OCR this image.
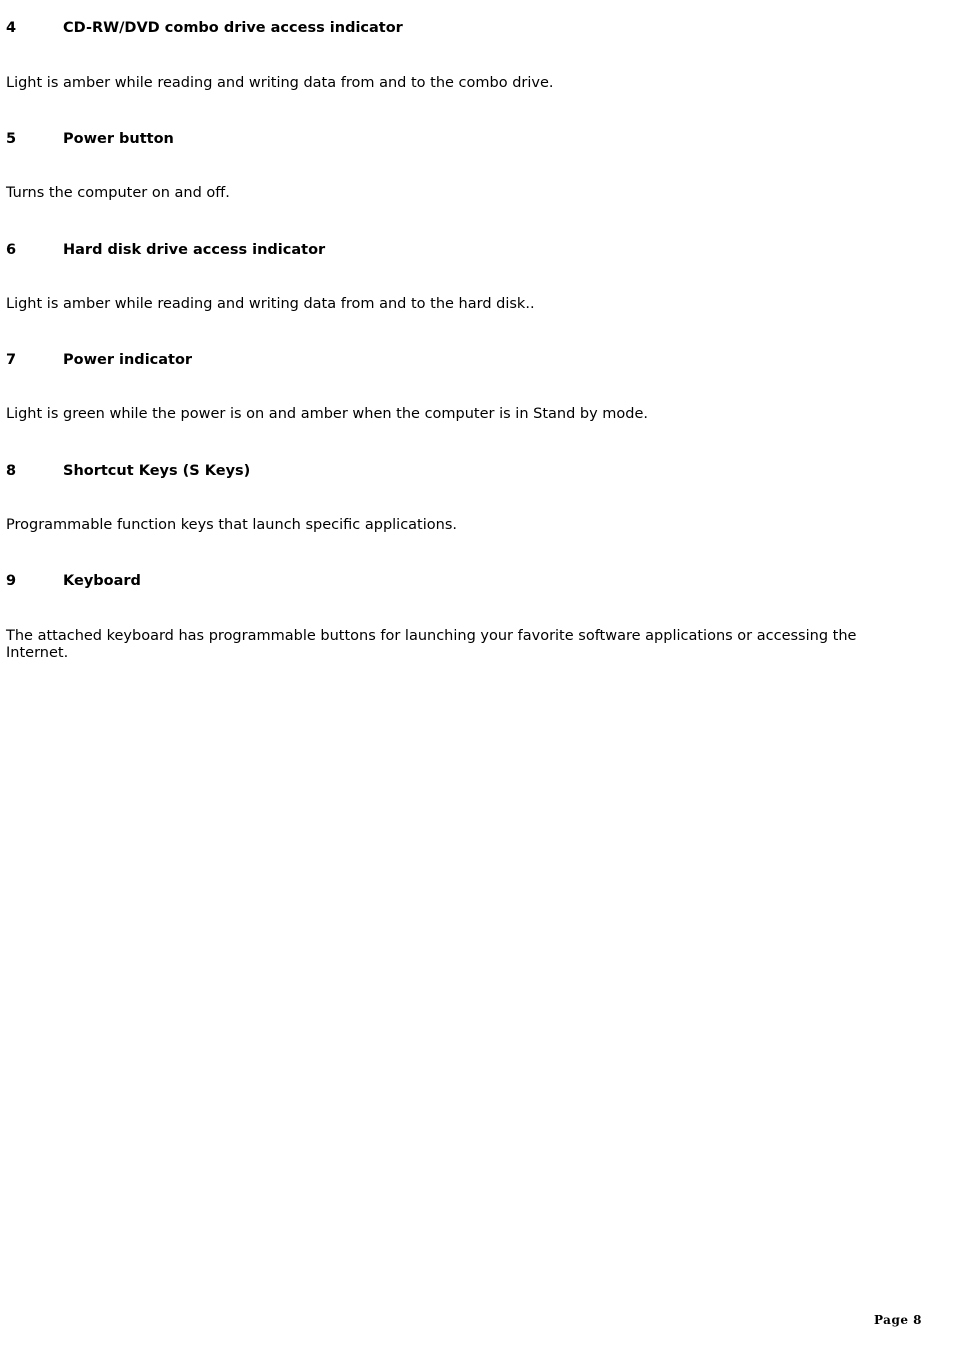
4	CD-RW/DVD combo drive access indicator
Light is amber while reading and writing data from and to the combo drive.
5	Power button
Turns the computer on and off.
6	Hard disk drive access indicator
Light is amber while reading and writing data from and to the hard disk..
7	Power indicator
Light is green while the power is on and amber when the computer is in Stand by mode.
8	Shortcut Keys (S Keys)
Programmable function keys that launch specific applications.
9	Keyboard
The attached keyboard has programmable buttons for launching your favorite software applications or accessing the Internet.
Page 8
